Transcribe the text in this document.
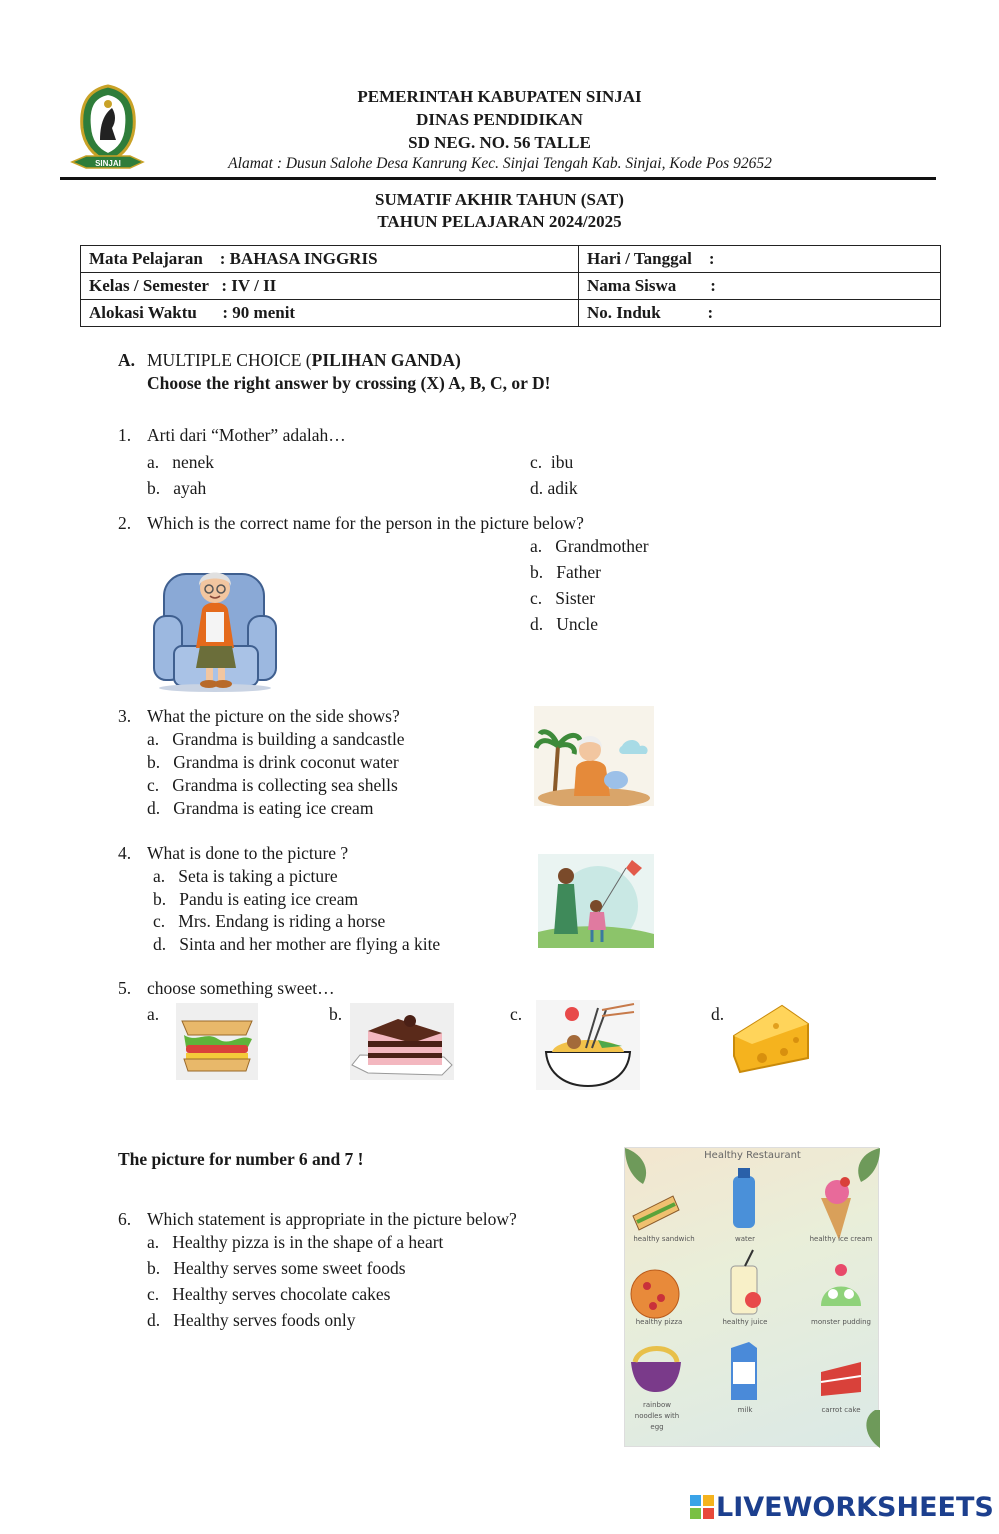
SINJAI
PEMERINTAH KABUPATEN SINJAI
DINAS PENDIDIKAN
SD NEG. NO. 56 TALLE
Alamat : Dusun Salohe Desa Kanrung Kec. Sinjai Tengah Kab. Sinjai, Kode Pos 92652
SUMATIF AKHIR TAHUN (SAT)
TAHUN PELAJARAN 2024/2025
Mata Pelajaran    : BAHASA INGGRIS	Hari / Tanggal    :
Kelas / Semester   : IV / II	Nama Siswa        :
Alokasi Waktu      : 90 menit	No. Induk           :
A. MULTIPLE CHOICE (PILIHAN GANDA)
Choose the right answer by crossing (X) A, B, C, or D!
1. Arti dari “Mother” adalah…
a.   nenek
b.   ayah
c.  ibu
d. adik
2. Which is the correct name for the person in the picture below?
a.   Grandmother
b.   Father
c.   Sister
d.   Uncle
3. What the picture on the side shows?
a.   Grandma is building a sandcastle
b.   Grandma is drink coconut water
c.   Grandma is collecting sea shells
d.   Grandma is eating ice cream
4. What is done to the picture ?
a.   Seta is taking a picture
b.   Pandu is eating ice cream
c.   Mrs. Endang is riding a horse
d.   Sinta and her mother are flying a kite
5. choose something sweet…
a.	b.	c.	d.
The picture for number 6 and 7 !
6. Which statement is appropriate in the picture below?
a.   Healthy pizza is in the shape of a heart
b.   Healthy serves some sweet foods
c.   Healthy serves chocolate cakes
d.   Healthy serves foods only
Healthy Restaurant
healthy sandwich	water	healthy ice cream
healthy pizza	healthy juice	monster pudding
rainbow noodles with egg
milk	carrot cake
LIVEWORKSHEETS
